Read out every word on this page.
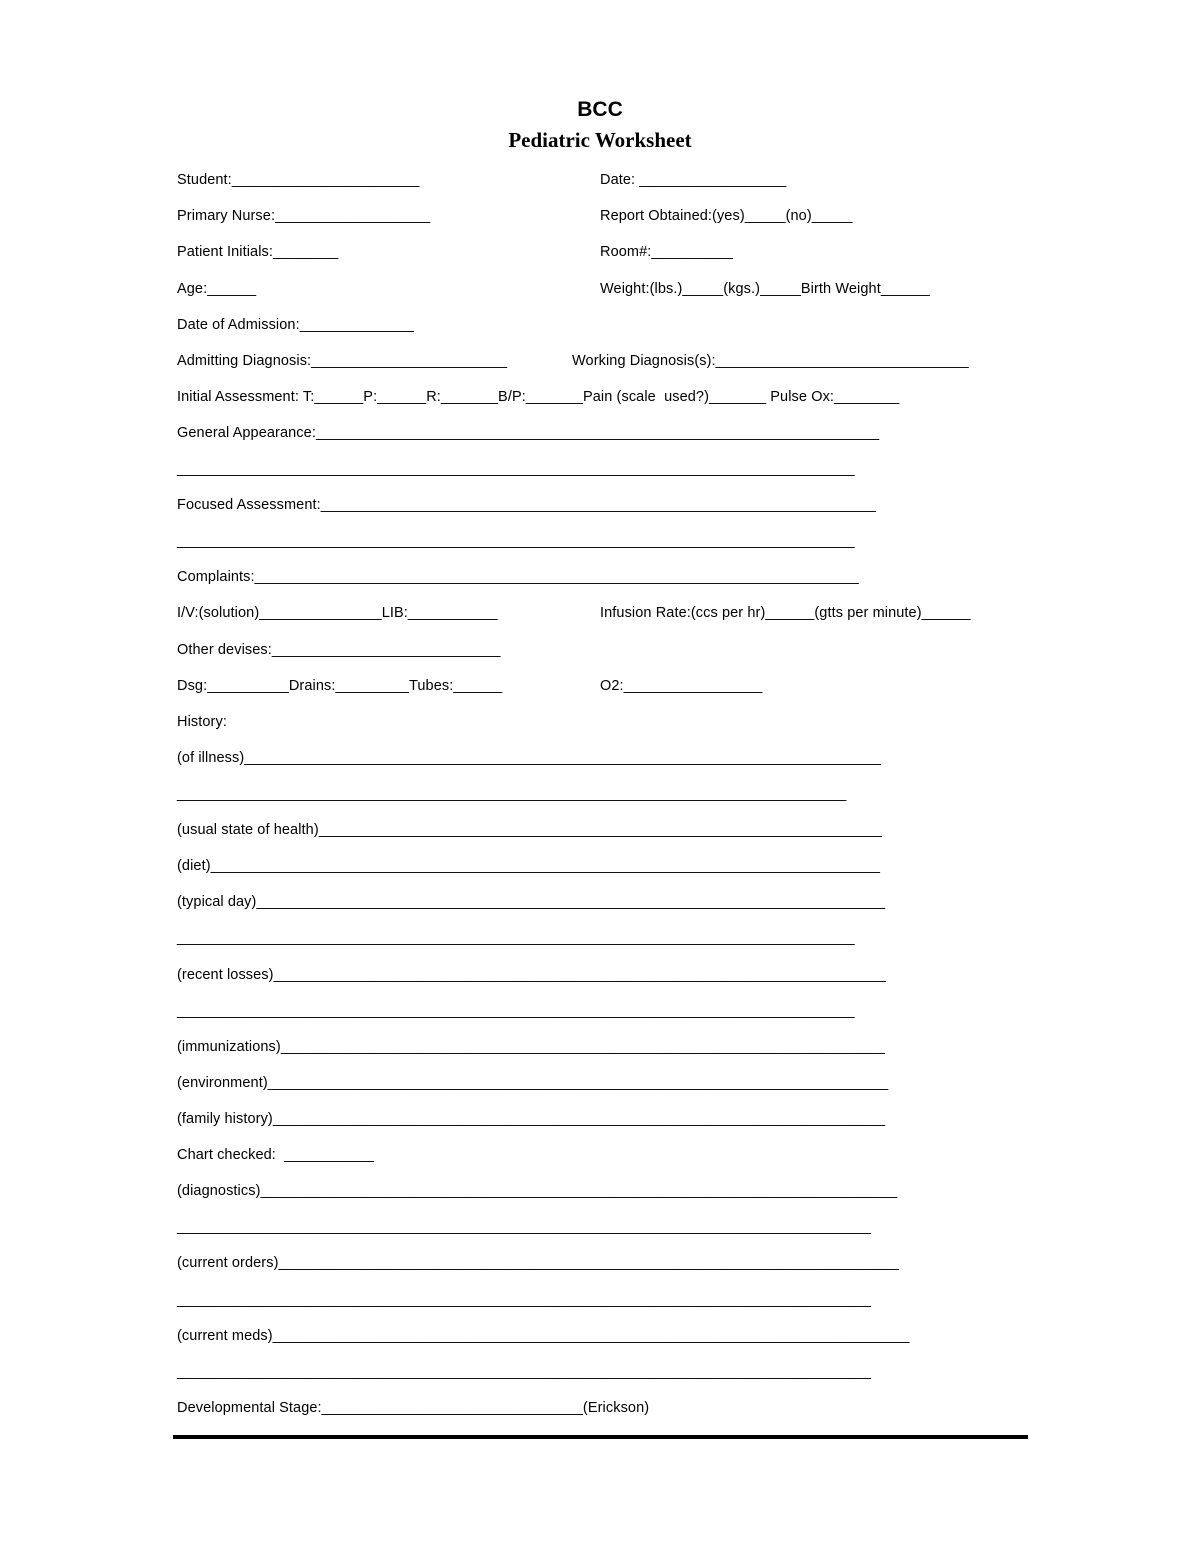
BCC
Pediatric Worksheet
Student:_______________________	Date: __________________
Primary Nurse:___________________	Report Obtained:(yes)_____(no)_____
Patient Initials:________	Room#:__________
Age:______	Weight:(lbs.)_____(kgs.)_____Birth Weight______
Date of Admission:______________
Admitting Diagnosis:________________________	Working Diagnosis(s):_______________________________
Initial Assessment: T:______P:______R:_______B/P:_______Pain (scale  used?)_______ Pulse Ox:________
General Appearance:_____________________________________________________________________
___________________________________________________________________________________
Focused Assessment:____________________________________________________________________
___________________________________________________________________________________
Complaints:__________________________________________________________________________
I/V:(solution)_______________LIB:___________	Infusion Rate:(ccs per hr)______(gtts per minute)______
Other devises:____________________________
Dsg:__________Drains:_________Tubes:______	O2:_________________
History:
(of illness)______________________________________________________________________________
__________________________________________________________________________________
(usual state of health)_____________________________________________________________________
(diet)__________________________________________________________________________________
(typical day)_____________________________________________________________________________
___________________________________________________________________________________
(recent losses)___________________________________________________________________________
___________________________________________________________________________________
(immunizations)__________________________________________________________________________
(environment)____________________________________________________________________________
(family history)___________________________________________________________________________
Chart checked:  ___________
(diagnostics)______________________________________________________________________________
_____________________________________________________________________________________
(current orders)____________________________________________________________________________
_____________________________________________________________________________________
(current meds)______________________________________________________________________________
_____________________________________________________________________________________
Developmental Stage:________________________________(Erickson)
